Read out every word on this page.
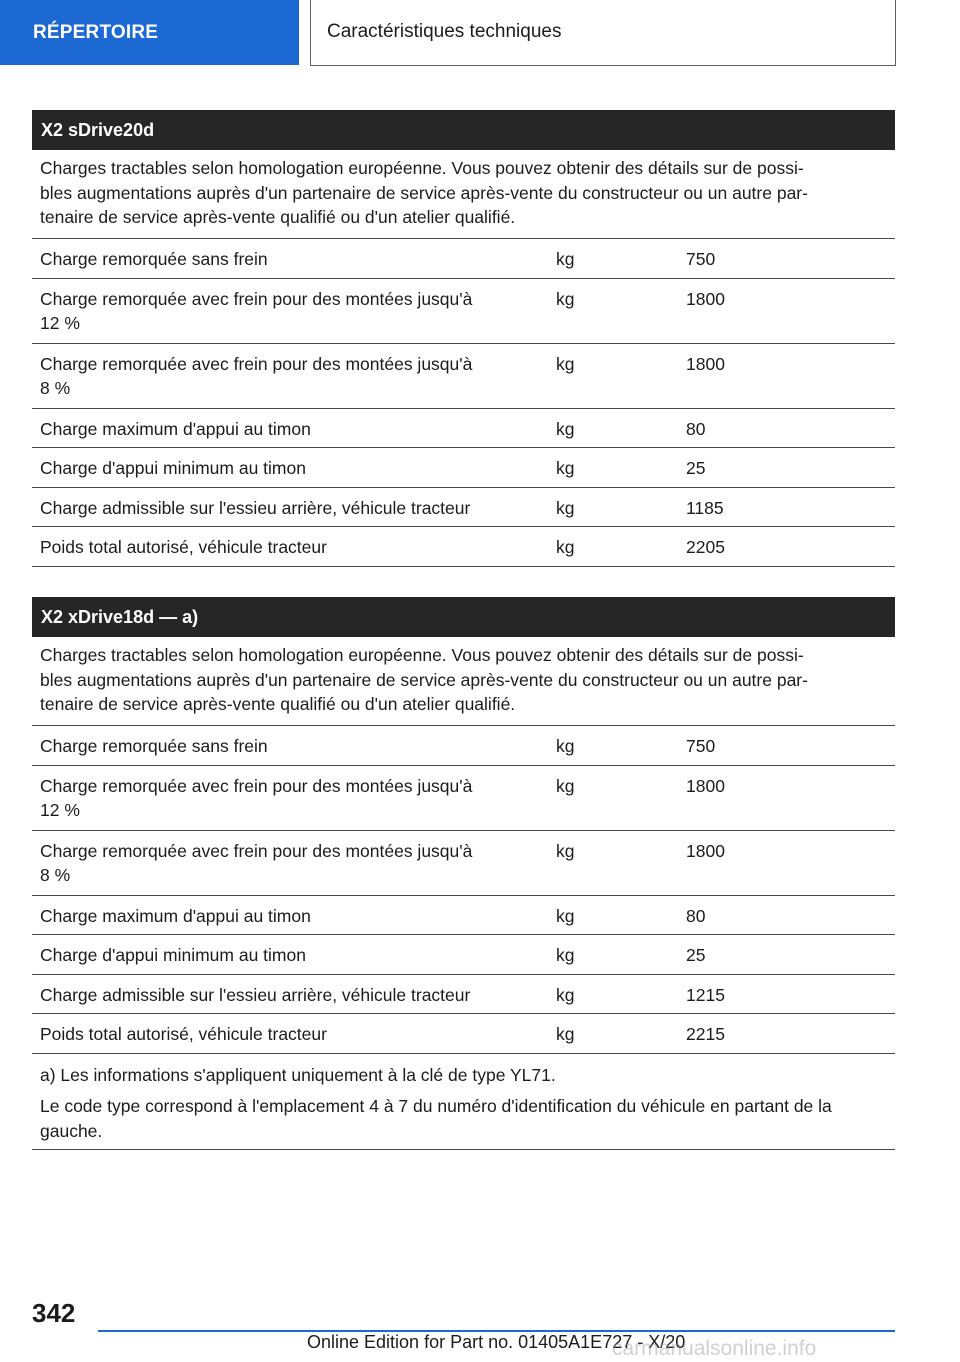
RÉPERTOIRE	Caractéristiques techniques
X2 sDrive20d
Charges tractables selon homologation européenne. Vous pouvez obtenir des détails sur de possi-
bles augmentations auprès d'un partenaire de service après-vente du constructeur ou un autre par-
tenaire de service après-vente qualifié ou d'un atelier qualifié.
Charge remorquée sans frein	kg	750
Charge remorquée avec frein pour des montées jusqu'à
12 %
kg	1800
Charge remorquée avec frein pour des montées jusqu'à
8 %
kg	1800
Charge maximum d'appui au timon	kg	80
Charge d'appui minimum au timon	kg	25
Charge admissible sur l'essieu arrière, véhicule tracteur	kg	1185
Poids total autorisé, véhicule tracteur	kg	2205
X2 xDrive18d — a)
Charges tractables selon homologation européenne. Vous pouvez obtenir des détails sur de possi-
bles augmentations auprès d'un partenaire de service après-vente du constructeur ou un autre par-
tenaire de service après-vente qualifié ou d'un atelier qualifié.
Charge remorquée sans frein	kg	750
Charge remorquée avec frein pour des montées jusqu'à
12 %
kg	1800
Charge remorquée avec frein pour des montées jusqu'à
8 %
kg	1800
Charge maximum d'appui au timon	kg	80
Charge d'appui minimum au timon	kg	25
Charge admissible sur l'essieu arrière, véhicule tracteur	kg	1215
Poids total autorisé, véhicule tracteur	kg	2215

a) Les informations s'appliquent uniquement à la clé de type YL71.

Le code type correspond à l'emplacement 4 à 7 du numéro d'identification du véhicule en partant de la gauche.

342
Online Edition for Part no. 01405A1E727 - X/20
carmanualsonline.info
